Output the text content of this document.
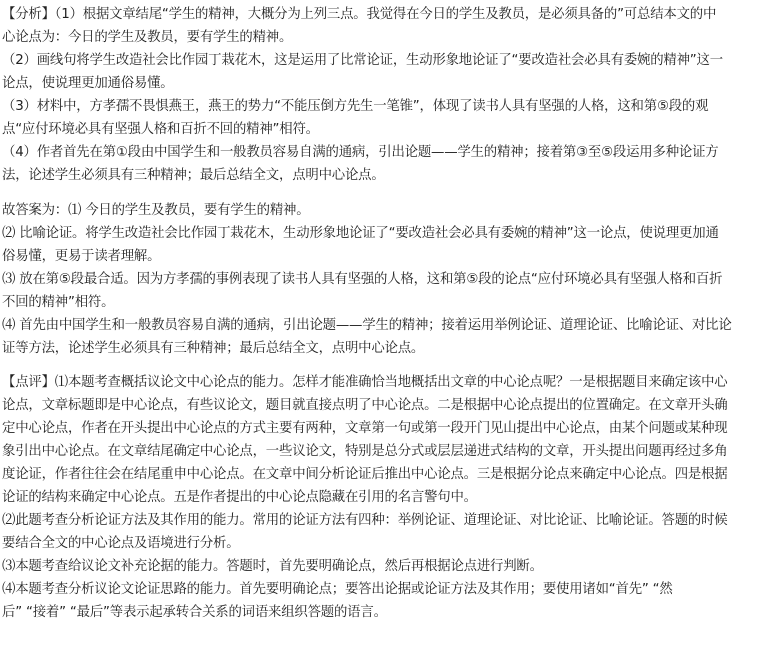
【分析】（1）根据文章结尾“学生的精神，大概分为上列三点。我觉得在今日的学生及教员，是必须具备的”可总结本文的中
心论点为：今日的学生及教员，要有学生的精神。
（2）画线句将学生改造社会比作园丁栽花木，这是运用了比常论证，生动形象地论证了“要改造社会必具有委婉的精神”这一
论点，使说理更加通俗易懂。
（3）材料中，方孝孺不畏惧燕王，燕王的势力“不能压倒方先生一笔锥”，体现了读书人具有坚强的人格，这和第⑤段的观
点“应付环境必具有坚强人格和百折不回的精神”相符。
（4）作者首先在第①段由中国学生和一般教员容易自满的通病，引出论题——学生的精神；接着第③至⑤段运用多种论证方
法，论述学生必须具有三种精神；最后总结全文，点明中心论点。
故答案为：⑴ 今日的学生及教员，要有学生的精神。
⑵ 比喻论证。将学生改造社会比作园丁栽花木，生动形象地论证了“要改造社会必具有委婉的精神”这一论点，使说理更加通
俗易懂，更易于读者理解。
⑶ 放在第⑤段最合适。因为方孝孺的事例表现了读书人具有坚强的人格，这和第⑤段的论点“应付环境必具有坚强人格和百折
不回的精神”相符。
⑷ 首先由中国学生和一般教员容易自满的通病，引出论题——学生的精神；接着运用举例论证、道理论证、比喻论证、对比论
证等方法，论述学生必须具有三种精神；最后总结全文，点明中心论点。
【点评】⑴本题考查概括议论文中心论点的能力。怎样才能准确恰当地概括出文章的中心论点呢？一是根据题目来确定该中心
论点，文章标题即是中心论点，有些议论文，题目就直接点明了中心论点。二是根据中心论点提出的位置确定。在文章开头确
定中心论点，作者在开头提出中心论点的方式主要有两种，文章第一句或第一段开门见山提出中心论点，由某个问题或某种现
象引出中心论点。在文章结尾确定中心论点，一些议论文，特别是总分式或层层递进式结构的文章，开头提出问题再经过多角
度论证，作者往往会在结尾重申中心论点。在文章中间分析论证后推出中心论点。三是根据分论点来确定中心论点。四是根据
论证的结构来确定中心论点。五是作者提出的中心论点隐藏在引用的名言警句中。
⑵此题考查分析论证方法及其作用的能力。常用的论证方法有四种：举例论证、道理论证、对比论证、比喻论证。答题的时候
要结合全文的中心论点及语境进行分析。
⑶本题考查给议论文补充论据的能力。答题时，首先要明确论点，然后再根据论点进行判断。
⑷本题考查分析议论文论证思路的能力。首先要明确论点；要答出论据或论证方法及其作用；要使用诸如“首先” “然
后” “接着” “最后”等表示起承转合关系的词语来组织答题的语言。
